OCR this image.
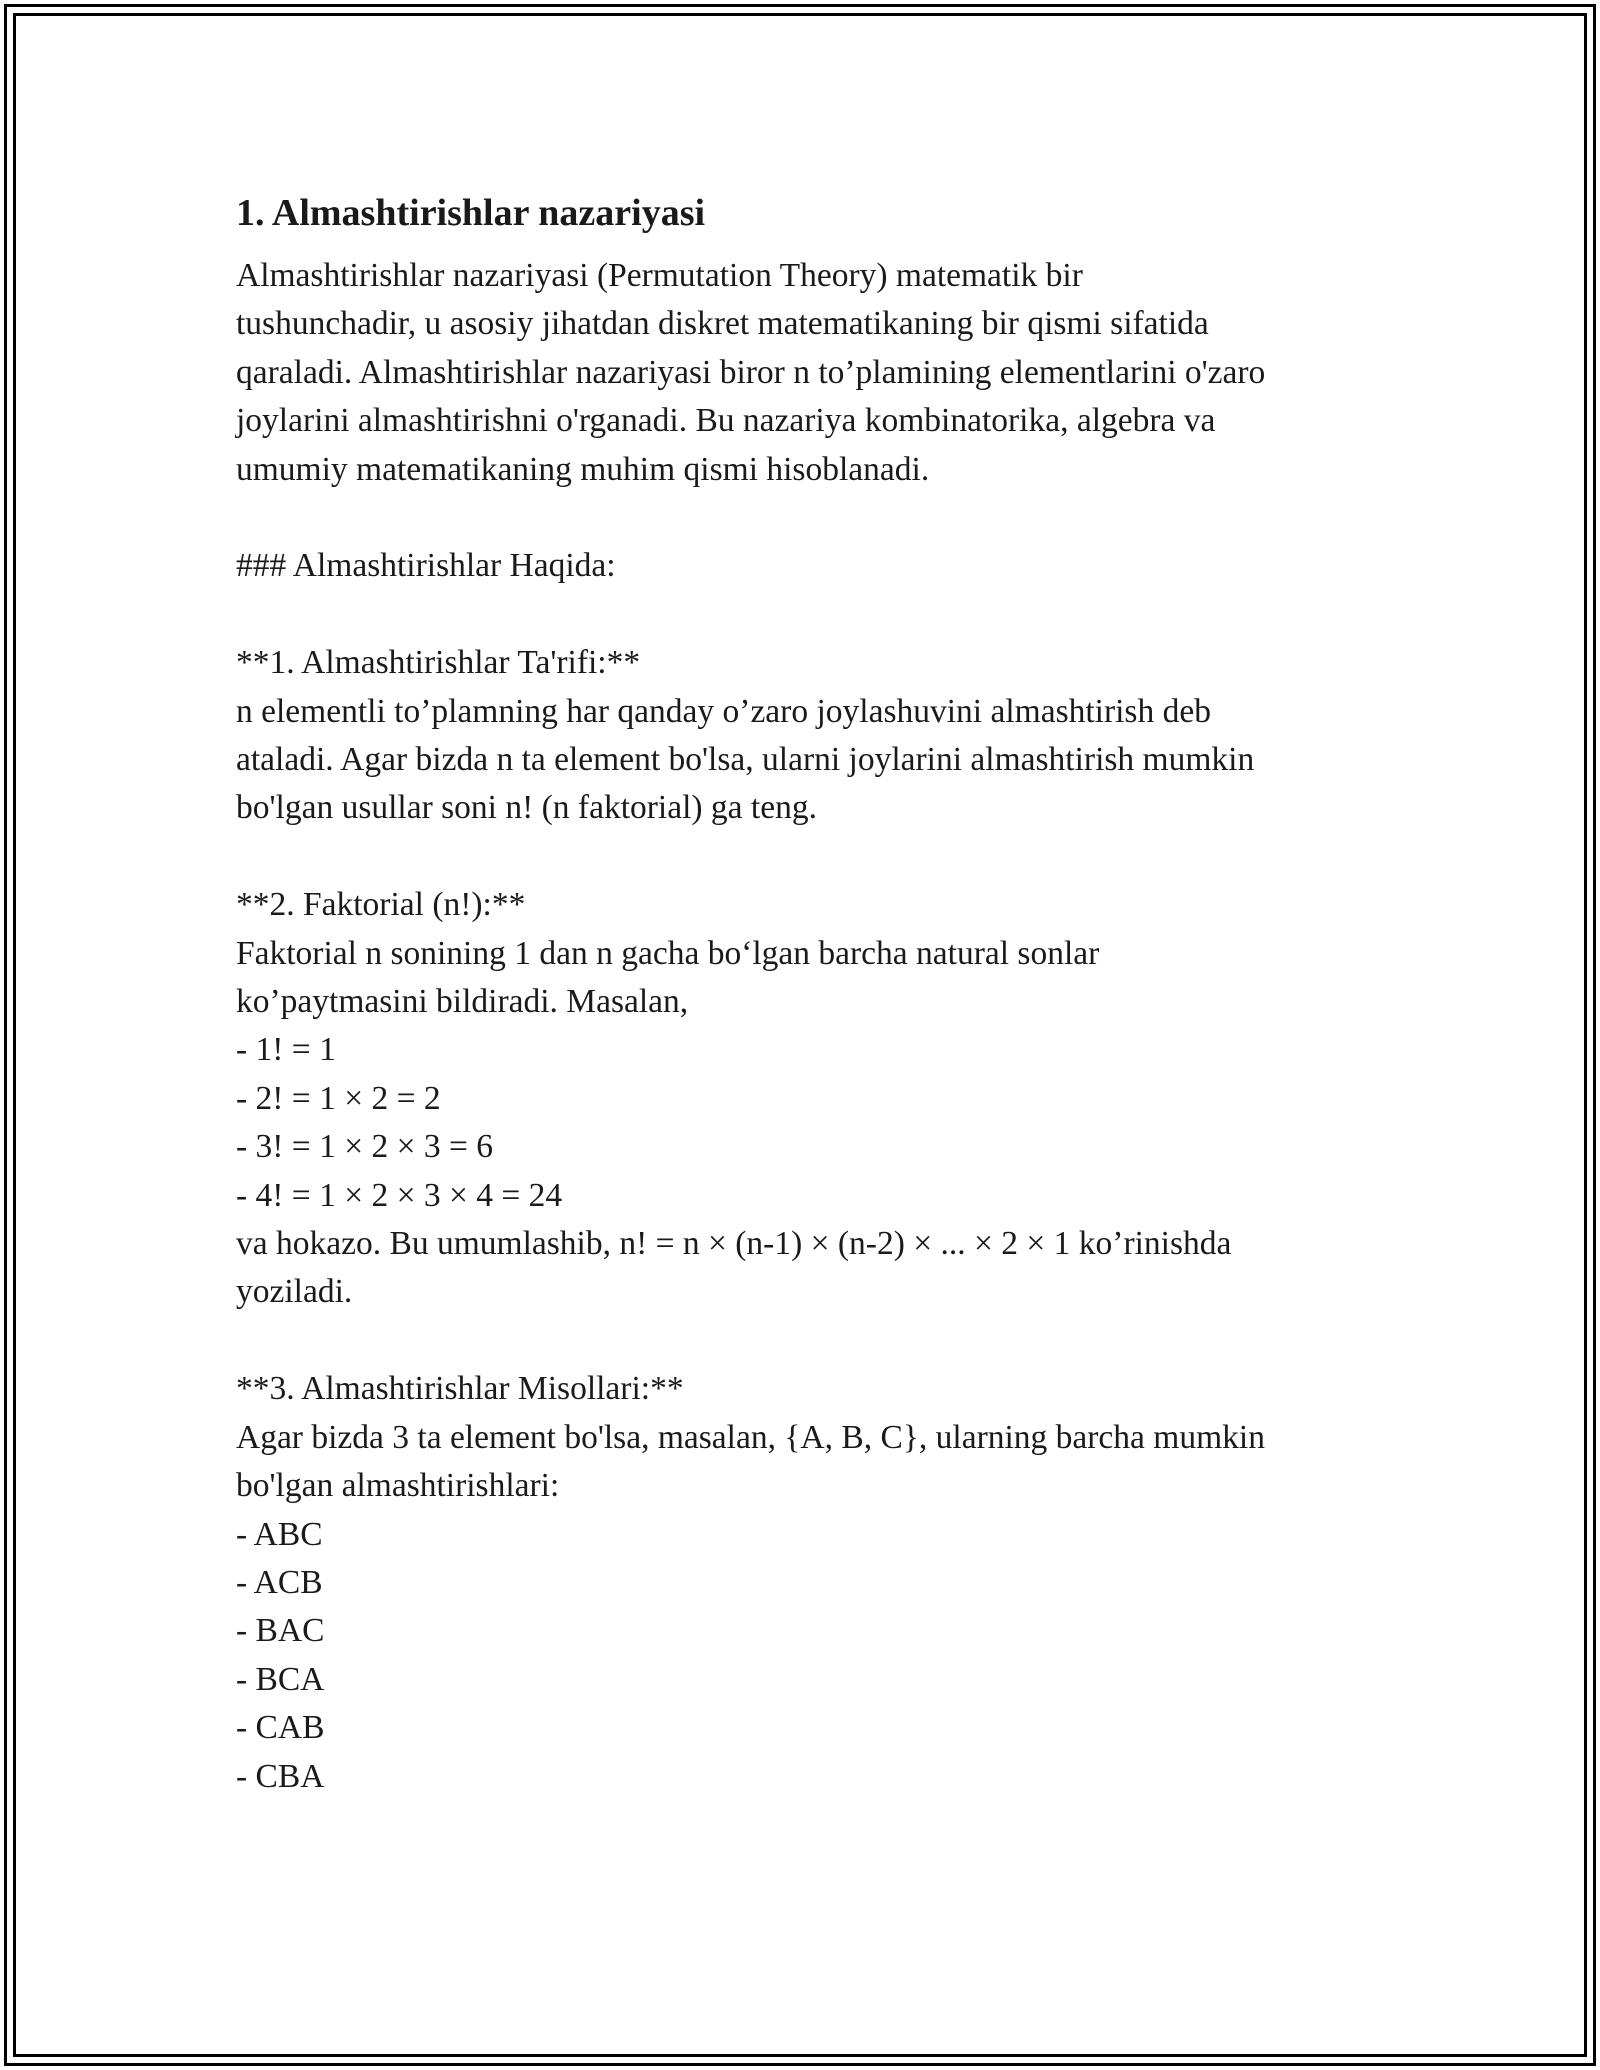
1. Almashtirishlar nazariyasi

Almashtirishlar nazariyasi (Permutation Theory) matematik bir
tushunchadir, u asosiy jihatdan diskret matematikaning bir qismi sifatida
qaraladi. Almashtirishlar nazariyasi biror n to’plamining elementlarini o'zaro
joylarini almashtirishni o'rganadi. Bu nazariya kombinatorika, algebra va
umumiy matematikaning muhim qismi hisoblanadi.

### Almashtirishlar Haqida:

**1. Almashtirishlar Ta'rifi:**
n elementli to’plamning har qanday o’zaro joylashuvini almashtirish deb
ataladi. Agar bizda n ta element bo'lsa, ularni joylarini almashtirish mumkin
bo'lgan usullar soni n! (n faktorial) ga teng.

**2. Faktorial (n!):**
Faktorial n sonining 1 dan n gacha bo‘lgan barcha natural sonlar
ko’paytmasini bildiradi. Masalan,
- 1! = 1
- 2! = 1 × 2 = 2
- 3! = 1 × 2 × 3 = 6
- 4! = 1 × 2 × 3 × 4 = 24
va hokazo. Bu umumlashib, n! = n × (n-1) × (n-2) × ... × 2 × 1 ko’rinishda
yoziladi.

**3. Almashtirishlar Misollari:**
Agar bizda 3 ta element bo'lsa, masalan, {A, B, C}, ularning barcha mumkin
bo'lgan almashtirishlari:
- ABC
- ACB
- BAC
- BCA
- CAB
- CBA
